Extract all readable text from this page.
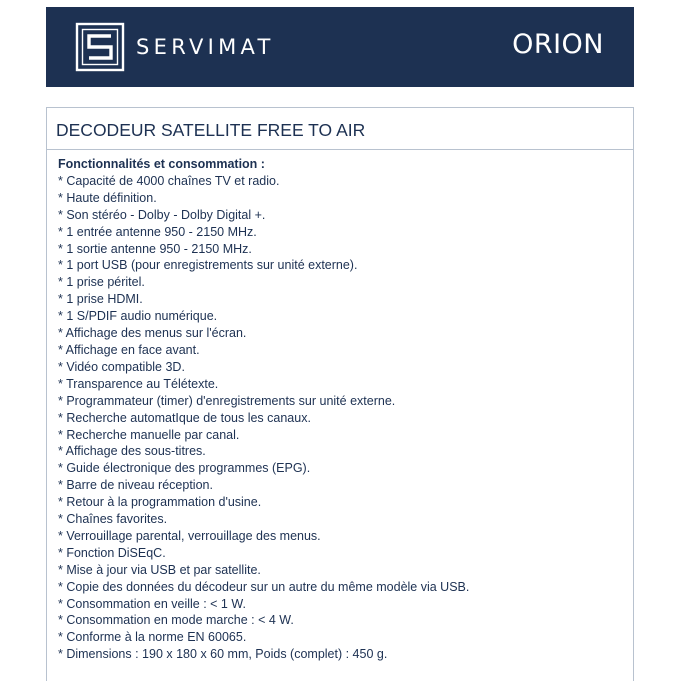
SERVIMAT	ORION
DECODEUR SATELLITE FREE TO AIR
Fonctionnalités et consommation :
* Capacité de 4000 chaînes TV et radio.
* Haute définition.
* Son stéréo - Dolby - Dolby Digital +.
* 1 entrée antenne 950 - 2150 MHz.
* 1 sortie antenne 950 - 2150 MHz.
* 1 port USB (pour enregistrements sur unité externe).
* 1 prise péritel.
* 1 prise HDMI.
* 1 S/PDIF audio numérique.
* Affichage des menus sur l'écran.
* Affichage en face avant.
* Vidéo compatible 3D.
* Transparence au Télétexte.
* Programmateur (timer) d'enregistrements sur unité externe.
* Recherche automatIque de tous les canaux.
* Recherche manuelle par canal.
* Affichage des sous-titres.
* Guide électronique des programmes (EPG).
* Barre de niveau réception.
* Retour à la programmation d'usine.
* Chaînes favorites.
* Verrouillage parental, verrouillage des menus.
* Fonction DiSEqC.
* Mise à jour via USB et par satellite.
* Copie des données du décodeur sur un autre du même modèle via USB.
* Consommation en veille : < 1 W.
* Consommation en mode marche : < 4 W.
* Conforme à la norme EN 60065.
* Dimensions : 190 x 180 x 60 mm, Poids (complet) : 450 g.
